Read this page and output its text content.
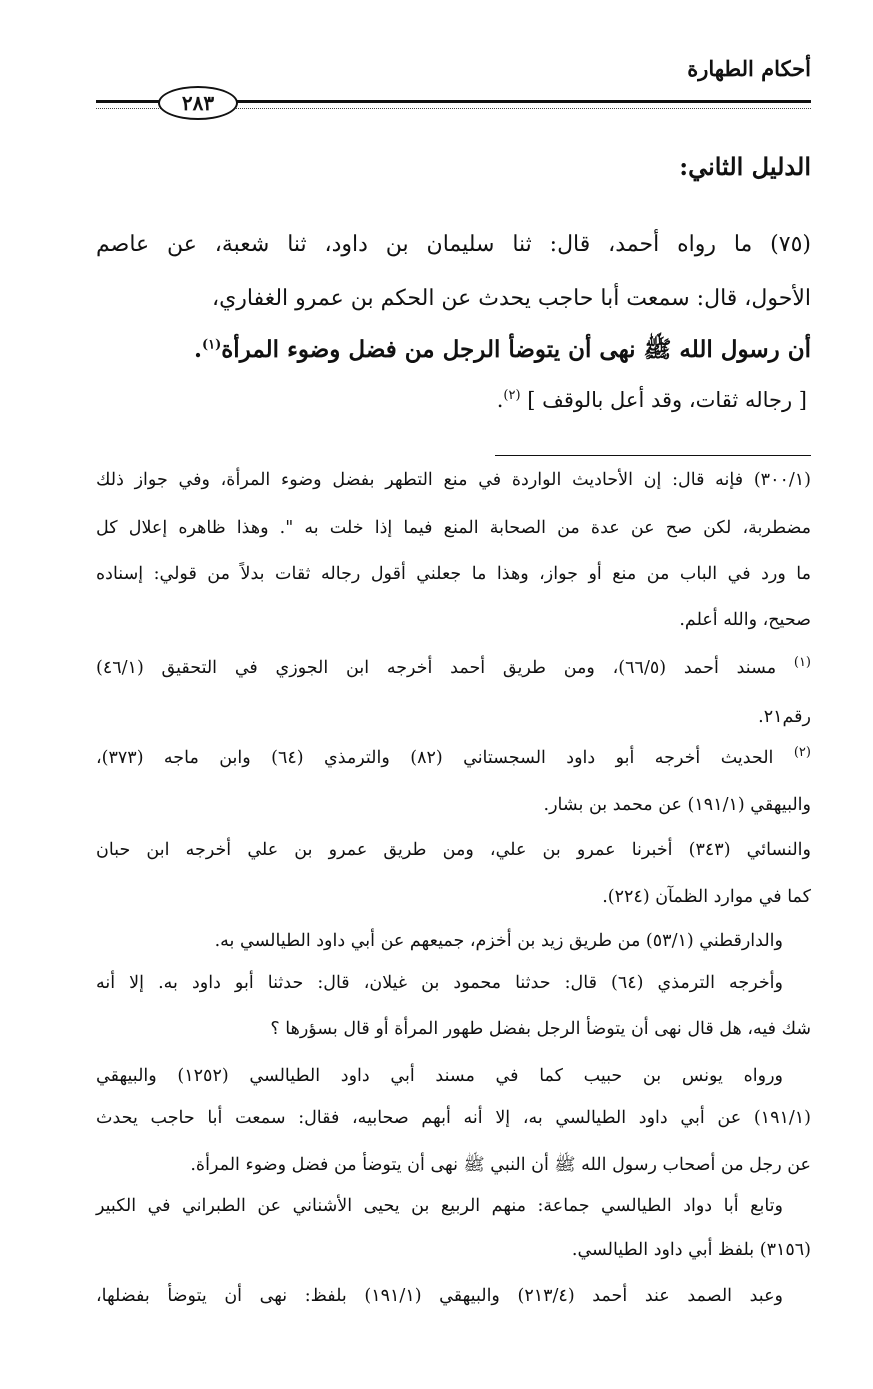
أحكام الطهارة
٢٨٣
الدليل الثاني:
(٧٥) ما رواه أحمد، قال: ثنا سليمان بن داود، ثنا شعبة، عن عاصم
الأحول، قال: سمعت أبا حاجب يحدث عن الحكم بن عمرو الغفاري،
أن رسول الله ﷺ نهى أن يتوضأ الرجل من فضل وضوء المرأة$^{(١)}$.
[ رجاله ثقات، وقد أعل بالوقف ] $^{(٢)}$.
(٣٠٠/١) فإنه قال: إن الأحاديث الواردة في منع التطهر بفضل وضوء المرأة، وفي جواز ذلك
مضطربة، لكن صح عن عدة من الصحابة المنع فيما إذا خلت به ". وهذا ظاهره إعلال كل
ما ورد في الباب من منع أو جواز، وهذا ما جعلني أقول رجاله ثقات بدلاً من قولي: إسناده
صحيح، والله أعلم.
$^{(١)}$ مسند أحمد (٦٦/٥)، ومن طريق أحمد أخرجه ابن الجوزي في التحقيق (٤٦/١)
رقم٢١.
$^{(٢)}$ الحديث أخرجه أبو داود السجستاني (٨٢) والترمذي (٦٤) وابن ماجه (٣٧٣)،
والبيهقي (١٩١/١) عن محمد بن بشار.
والنسائي (٣٤٣) أخبرنا عمرو بن علي، ومن طريق عمرو بن علي أخرجه ابن حبان
كما في موارد الظمآن (٢٢٤).
والدارقطني (٥٣/١) من طريق زيد بن أخزم، جميعهم عن أبي داود الطيالسي به.
وأخرجه الترمذي (٦٤) قال: حدثنا محمود بن غيلان، قال: حدثنا أبو داود به. إلا أنه
شك فيه، هل قال نهى أن يتوضأ الرجل بفضل طهور المرأة أو قال بسؤرها ؟
ورواه يونس بن حبيب كما في مسند أبي داود الطيالسي (١٢٥٢) والبيهقي
(١٩١/١) عن أبي داود الطيالسي به، إلا أنه أبهم صحابيه، فقال: سمعت أبا حاجب يحدث
عن رجل من أصحاب رسول الله ﷺ أن النبي ﷺ نهى أن يتوضأ من فضل وضوء المرأة.
وتابع أبا دواد الطيالسي جماعة: منهم الربيع بن يحيى الأشناني عن الطبراني في الكبير
(٣١٥٦) بلفظ أبي داود الطيالسي.
وعبد الصمد عند أحمد (٢١٣/٤) والبيهقي (١٩١/١) بلفظ: نهى أن يتوضأ بفضلها،
